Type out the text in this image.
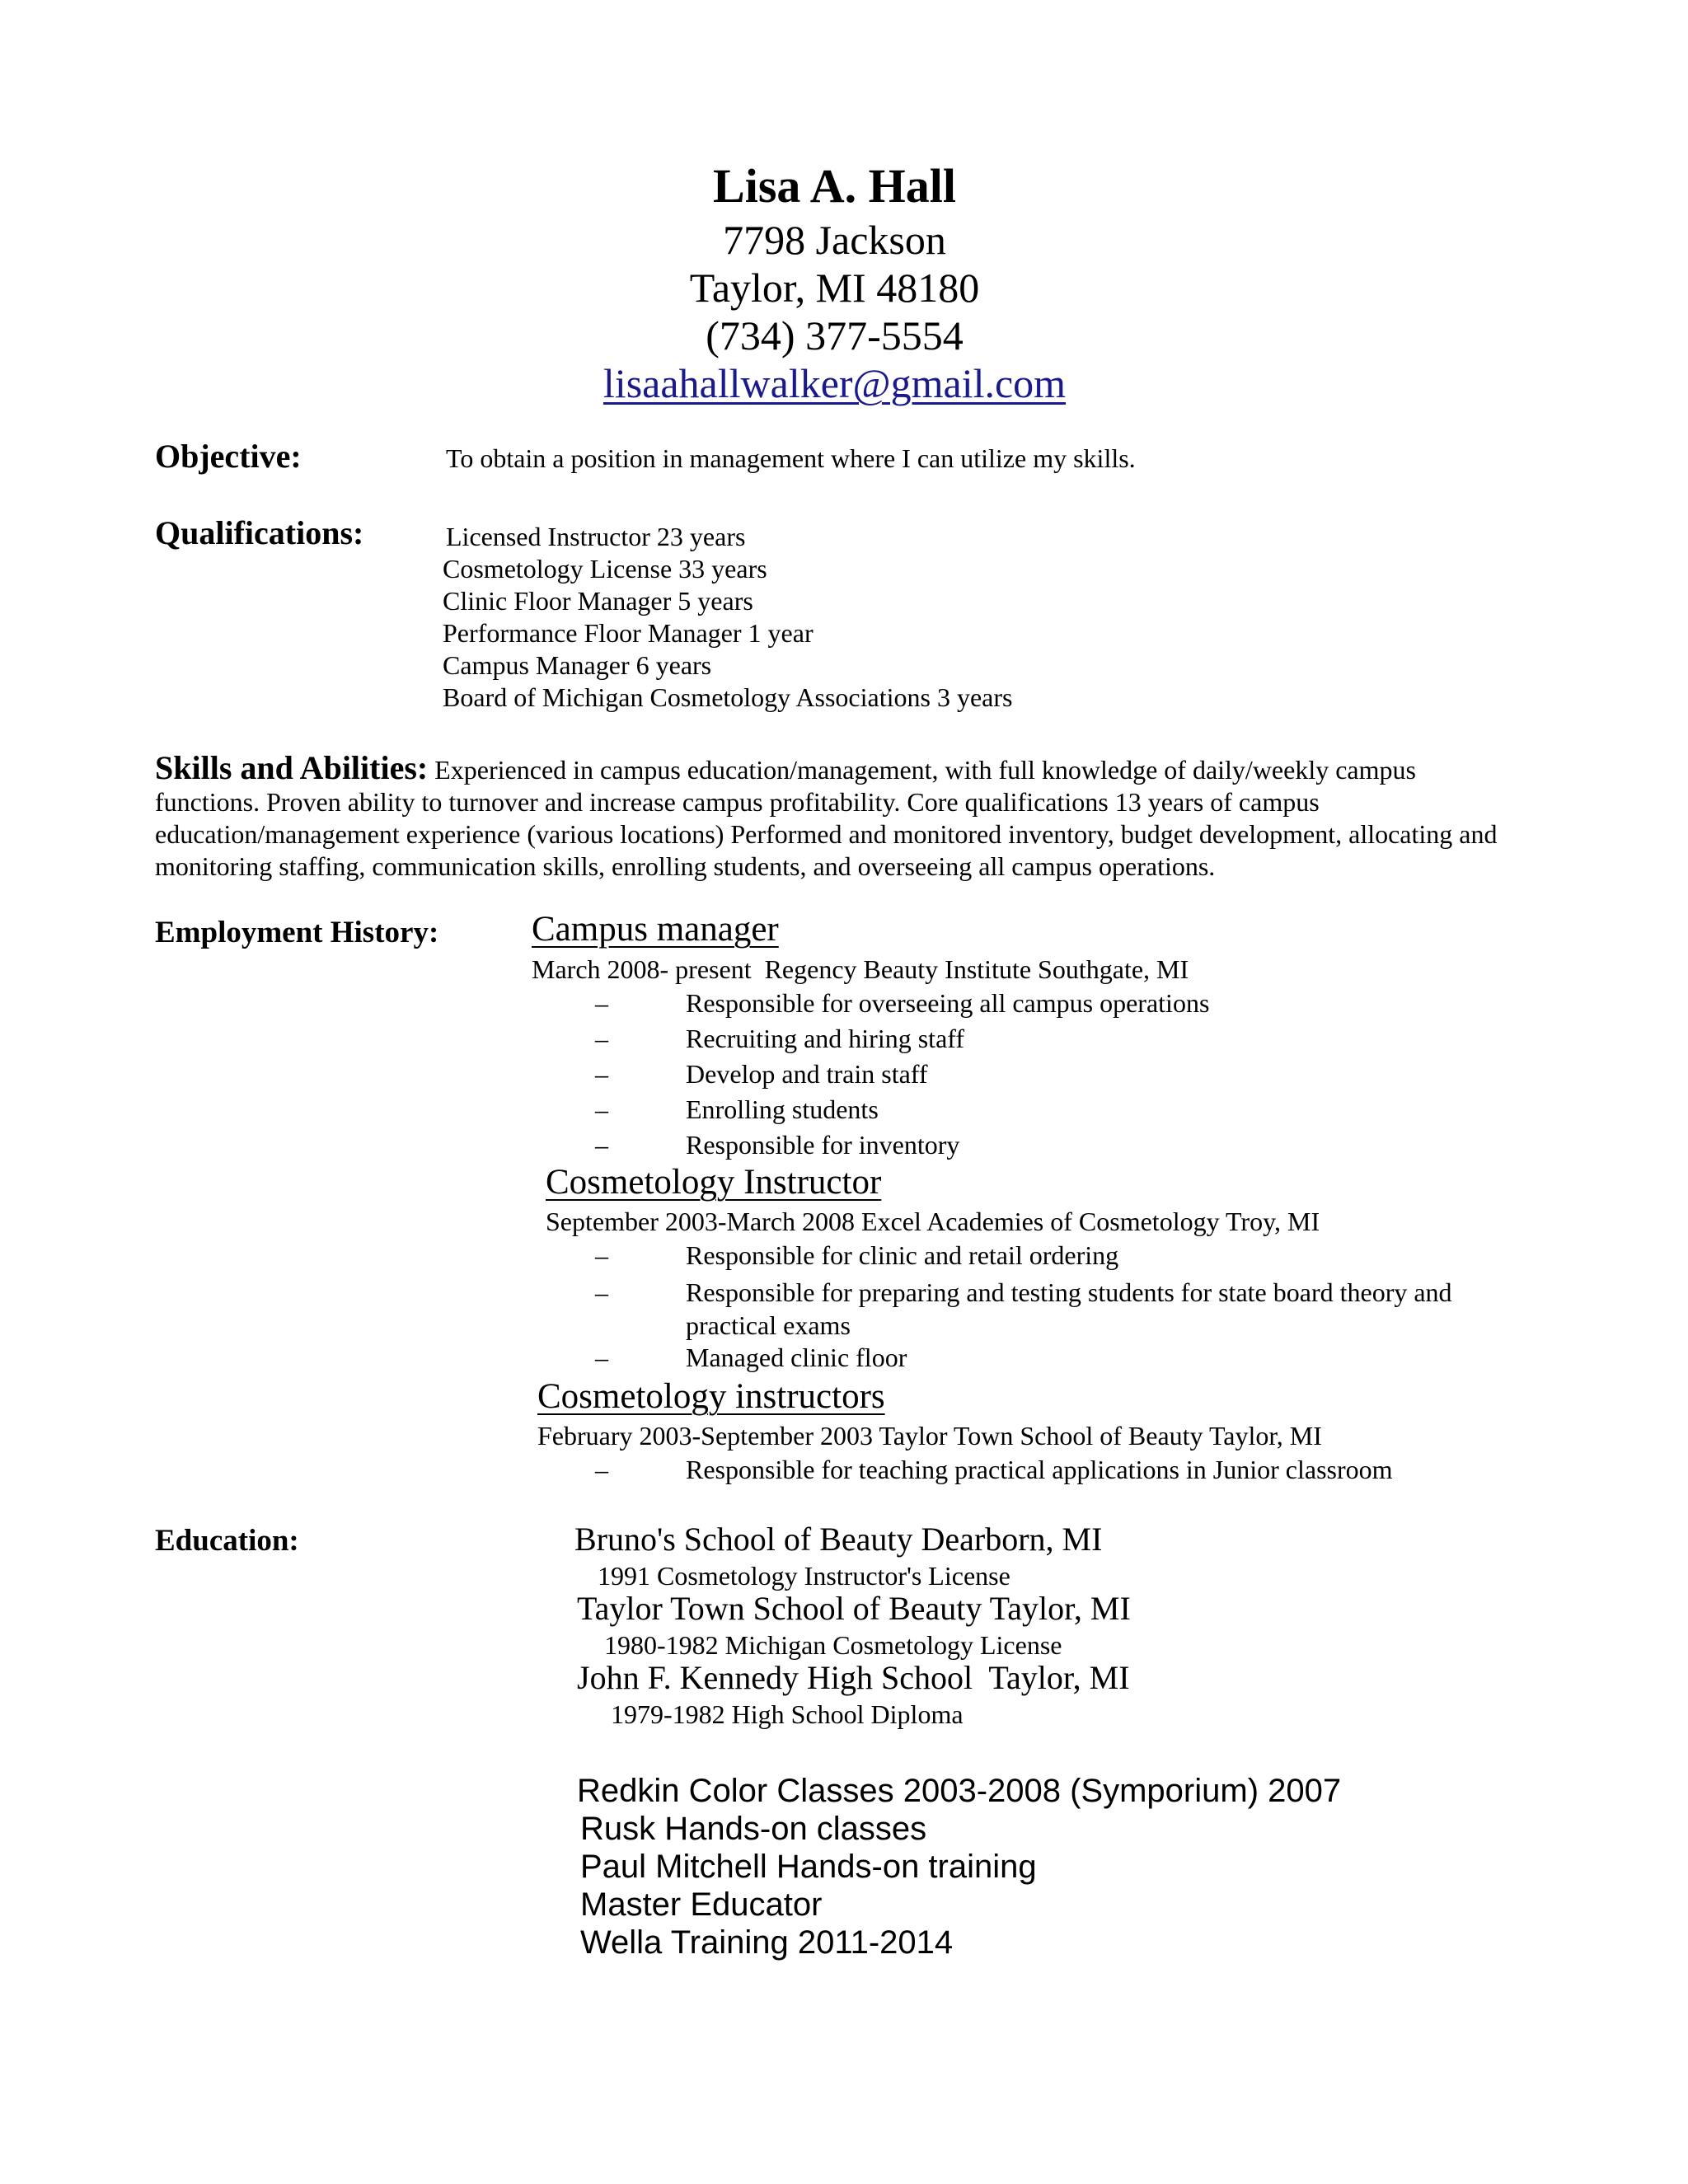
Lisa A. Hall
7798 Jackson
Taylor, MI 48180
(734) 377-5554
lisaahallwalker@gmail.com
Objective:	To obtain a position in management where I can utilize my skills.
Qualifications:	Licensed Instructor 23 years
Cosmetology License 33 years
Clinic Floor Manager 5 years
Performance Floor Manager 1 year
Campus Manager 6 years
Board of Michigan Cosmetology Associations 3 years
Skills and Abilities: Experienced in campus education/management, with full knowledge of daily/weekly campus functions. Proven ability to turnover and increase campus profitability. Core qualifications 13 years of campus education/management experience (various locations) Performed and monitored inventory, budget development, allocating and monitoring staffing, communication skills, enrolling students, and overseeing all campus operations.
Employment History:	Campus manager
March 2008- present  Regency Beauty Institute Southgate, MI
–	Responsible for overseeing all campus operations
–	Recruiting and hiring staff
–	Develop and train staff
–	Enrolling students
–	Responsible for inventory
Cosmetology Instructor
September 2003-March 2008 Excel Academies of Cosmetology Troy, MI
–	Responsible for clinic and retail ordering
–	Responsible for preparing and testing students for state board theory and practical exams
–	Managed clinic floor
Cosmetology instructors
February 2003-September 2003 Taylor Town School of Beauty Taylor, MI
–	Responsible for teaching practical applications in Junior classroom
Education:	Bruno's School of Beauty Dearborn, MI
1991 Cosmetology Instructor's License
Taylor Town School of Beauty Taylor, MI
1980-1982 Michigan Cosmetology License
John F. Kennedy High School  Taylor, MI
1979-1982 High School Diploma
Redkin Color Classes 2003-2008 (Symporium) 2007
Rusk Hands-on classes
Paul Mitchell Hands-on training
Master Educator
Wella Training 2011-2014
